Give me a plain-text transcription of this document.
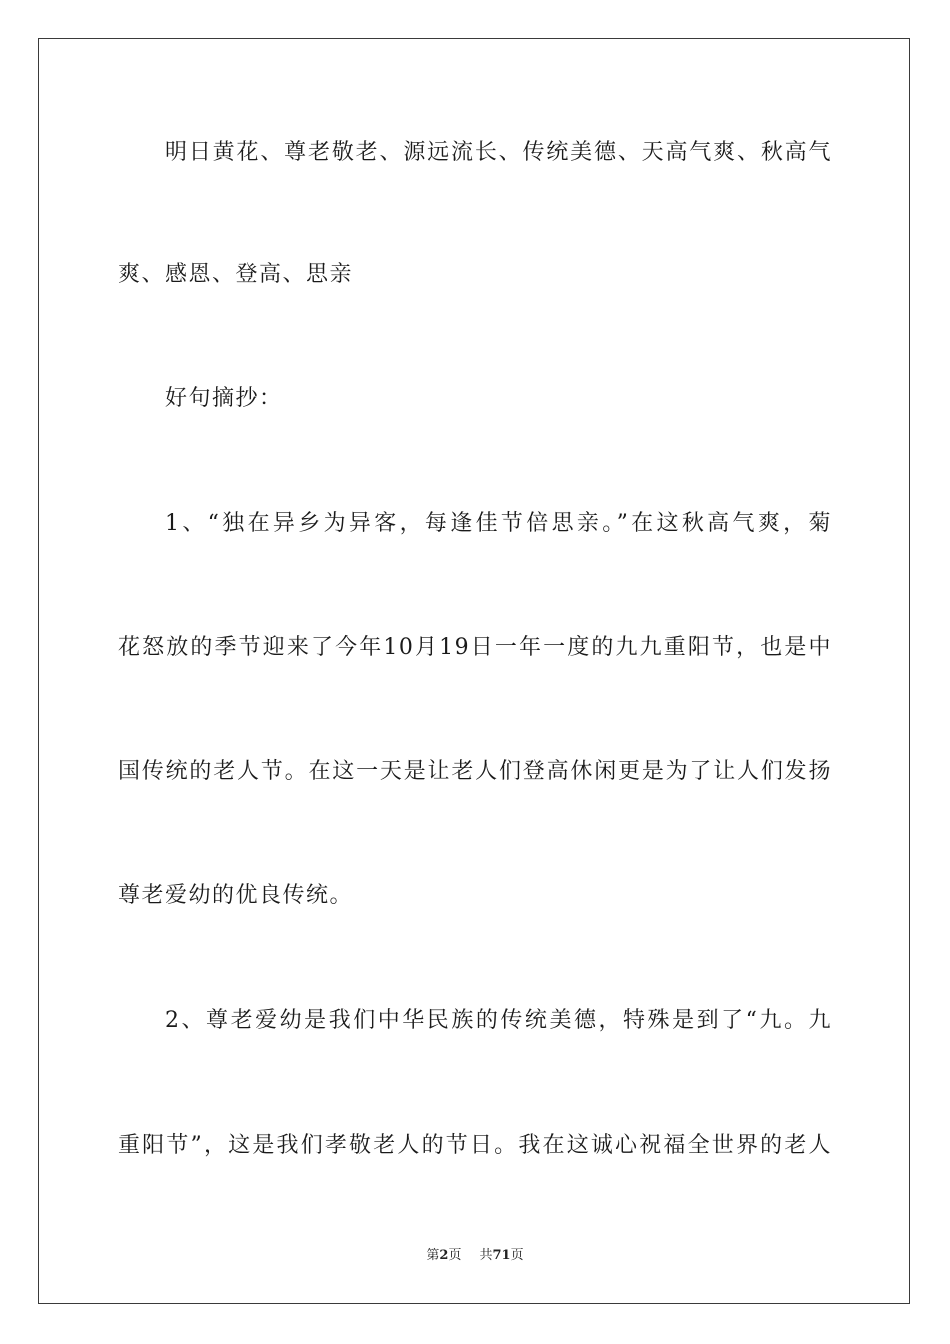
明日黄花、尊老敬老、源远流长、传统美德、天高气爽、秋高气
爽、感恩、登高、思亲
好句摘抄：
1、“独在异乡为异客，每逢佳节倍思亲。”在这秋高气爽，菊
花怒放的季节迎来了今年10月19日一年一度的九九重阳节，也是中
国传统的老人节。在这一天是让老人们登高休闲更是为了让人们发扬
尊老爱幼的优良传统。
2、尊老爱幼是我们中华民族的传统美德，特殊是到了“九。九
重阳节”，这是我们孝敬老人的节日。我在这诚心祝福全世界的老人
第2页 共71页
